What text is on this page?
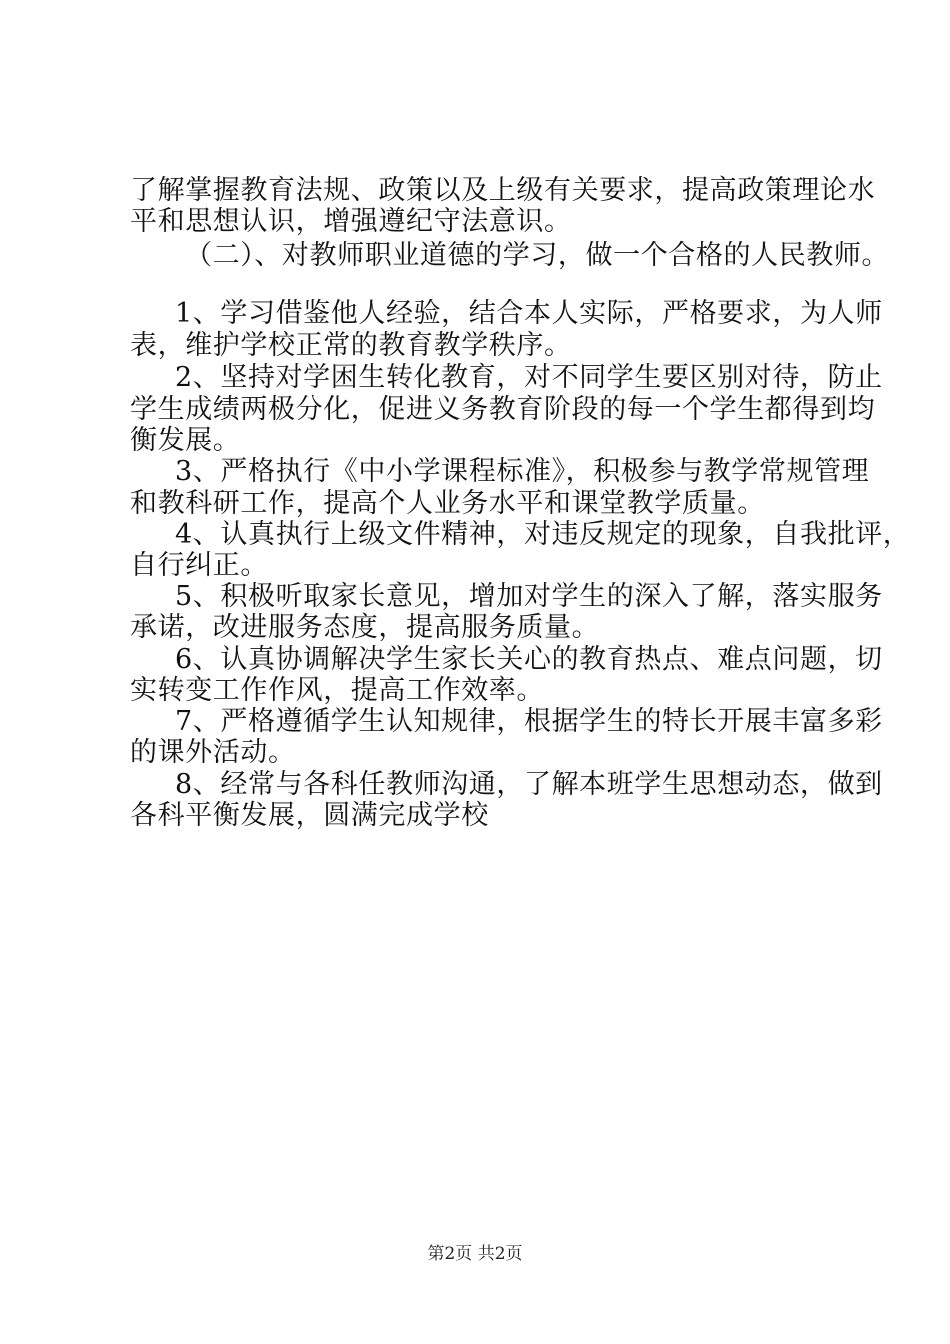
了解掌握教育法规、政策以及上级有关要求，提高政策理论水
平和思想认识，增强遵纪守法意识。
（二）、对教师职业道德的学习，做一个合格的人民教师。
1、学习借鉴他人经验，结合本人实际，严格要求，为人师
表，维护学校正常的教育教学秩序。
2、坚持对学困生转化教育，对不同学生要区别对待，防止
学生成绩两极分化，促进义务教育阶段的每一个学生都得到均
衡发展。
3、严格执行《中小学课程标准》，积极参与教学常规管理
和教科研工作，提高个人业务水平和课堂教学质量。
4、认真执行上级文件精神，对违反规定的现象，自我批评，
自行纠正。
5、积极听取家长意见，增加对学生的深入了解，落实服务
承诺，改进服务态度，提高服务质量。
6、认真协调解决学生家长关心的教育热点、难点问题，切
实转变工作作风，提高工作效率。
7、严格遵循学生认知规律，根据学生的特长开展丰富多彩
的课外活动。
8、经常与各科任教师沟通，了解本班学生思想动态，做到
各科平衡发展，圆满完成学校
第2页 共2页
